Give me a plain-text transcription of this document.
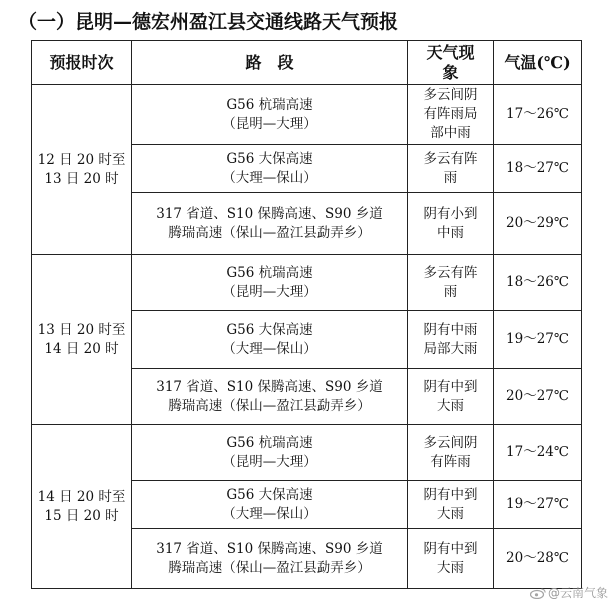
（一）昆明—德宏州盈江县交通线路天气预报
预报时次	路　段	天气现
象	气温(℃)

12 日 20 时至
13 日 20 时	G56 杭瑞高速
（昆明—大理）	多云间阴
有阵雨局
部中雨	17～26℃

	G56 大保高速
（大理—保山）	多云有阵
雨	18～27℃

	317 省道、S10 保腾高速、S90 乡道
腾瑞高速（保山—盈江县勐弄乡）	阴有小到
中雨	20～29℃

13 日 20 时至
14 日 20 时	G56 杭瑞高速
（昆明—大理）	多云有阵
雨	18～26℃

	G56 大保高速
（大理—保山）	阴有中雨
局部大雨	19～27℃

	317 省道、S10 保腾高速、S90 乡道
腾瑞高速（保山—盈江县勐弄乡）	阴有中到
大雨	20～27℃

14 日 20 时至
15 日 20 时	G56 杭瑞高速
（昆明—大理）	多云间阴
有阵雨	17～24℃

	G56 大保高速
（大理—保山）	阴有中到
大雨	19～27℃

	317 省道、S10 保腾高速、S90 乡道
腾瑞高速（保山—盈江县勐弄乡）	阴有中到
大雨	20～28℃
@云南气象
